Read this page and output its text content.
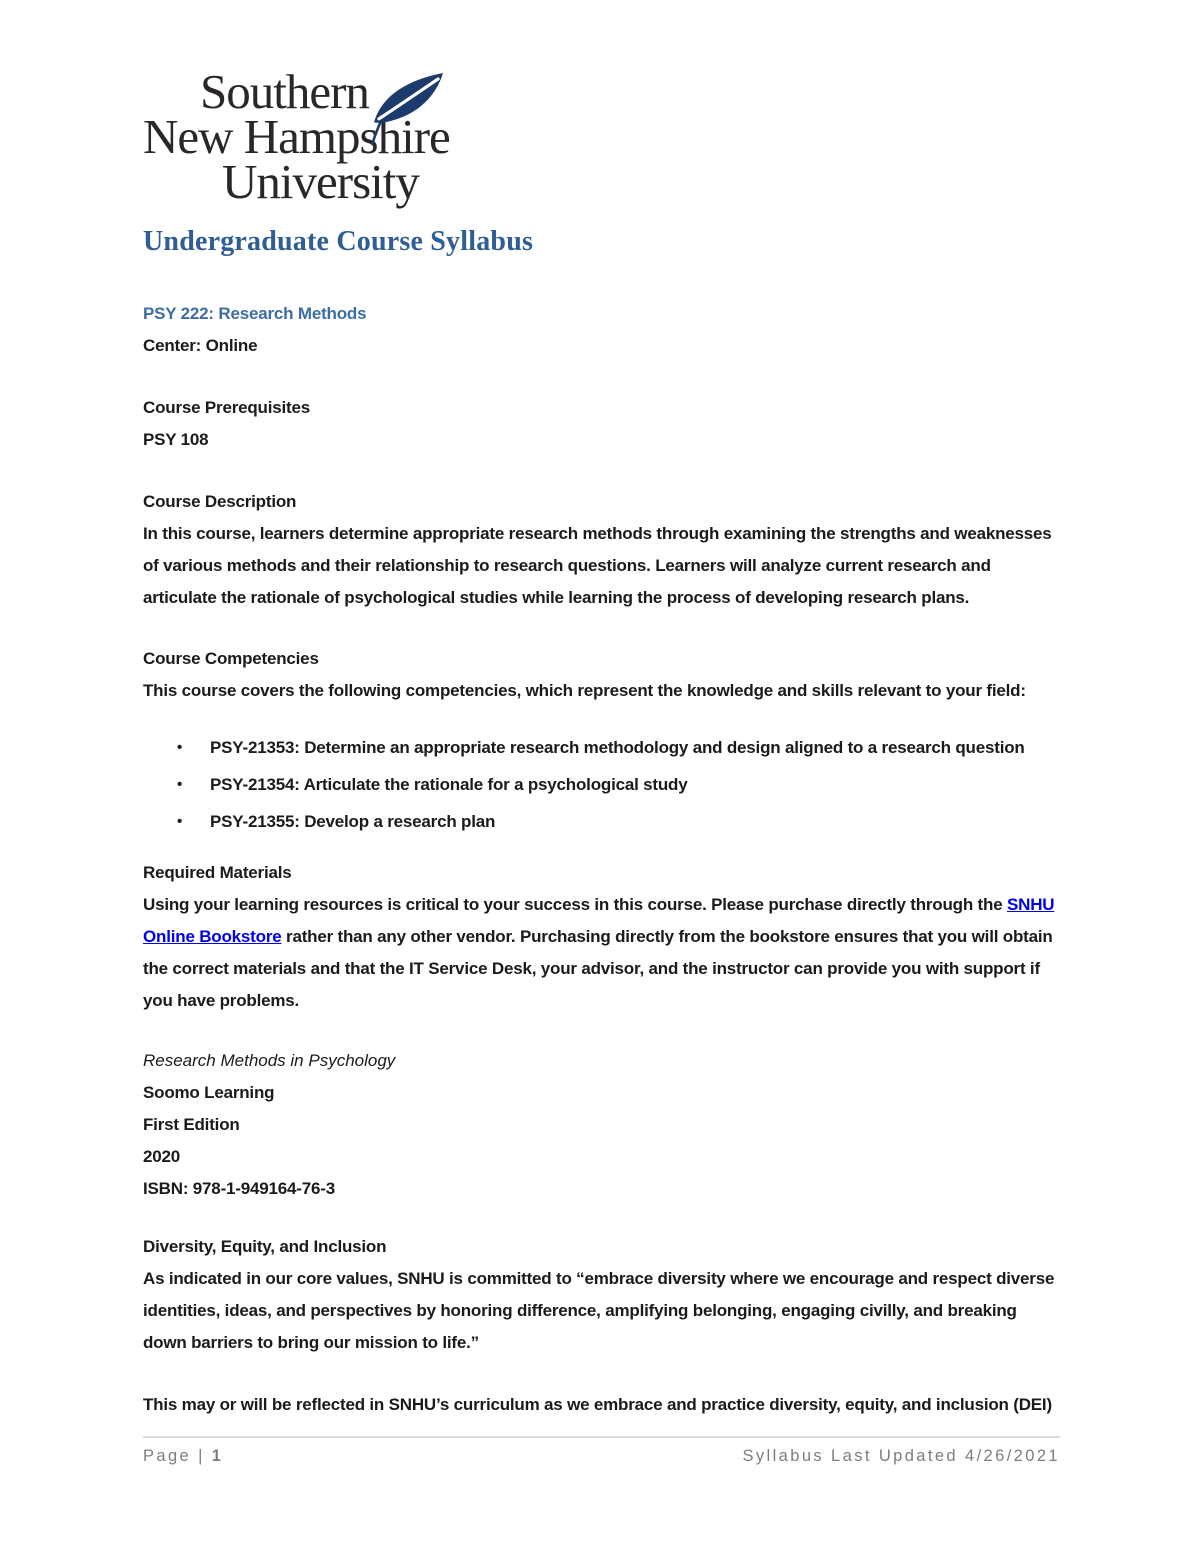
Southern
New Hampshire
University
Undergraduate Course Syllabus
PSY 222: Research Methods

Center: Online

Course Prerequisites

PSY 108

Course Description

In this course, learners determine appropriate research methods through examining the strengths and weaknesses
of various methods and their relationship to research questions. Learners will analyze current research and
articulate the rationale of psychological studies while learning the process of developing research plans.

Course Competencies

This course covers the following competencies, which represent the knowledge and skills relevant to your field:

• PSY-21353: Determine an appropriate research methodology and design aligned to a research question
• PSY-21354: Articulate the rationale for a psychological study
• PSY-21355: Develop a research plan
Required Materials

Using your learning resources is critical to your success in this course. Please purchase directly through the SNHU Online Bookstore rather than any other vendor. Purchasing directly from the bookstore ensures that you will obtain the correct materials and that the IT Service Desk, your advisor, and the instructor can provide you with support if you have problems.

Research Methods in Psychology

Soomo Learning

First Edition

2020

ISBN: 978-1-949164-76-3

Diversity, Equity, and Inclusion

As indicated in our core values, SNHU is committed to “embrace diversity where we encourage and respect diverse
identities, ideas, and perspectives by honoring difference, amplifying belonging, engaging civilly, and breaking
down barriers to bring our mission to life.”

This may or will be reflected in SNHU’s curriculum as we embrace and practice diversity, equity, and inclusion (DEI)

Page | 1	Syllabus Last Updated 4/26/2021
